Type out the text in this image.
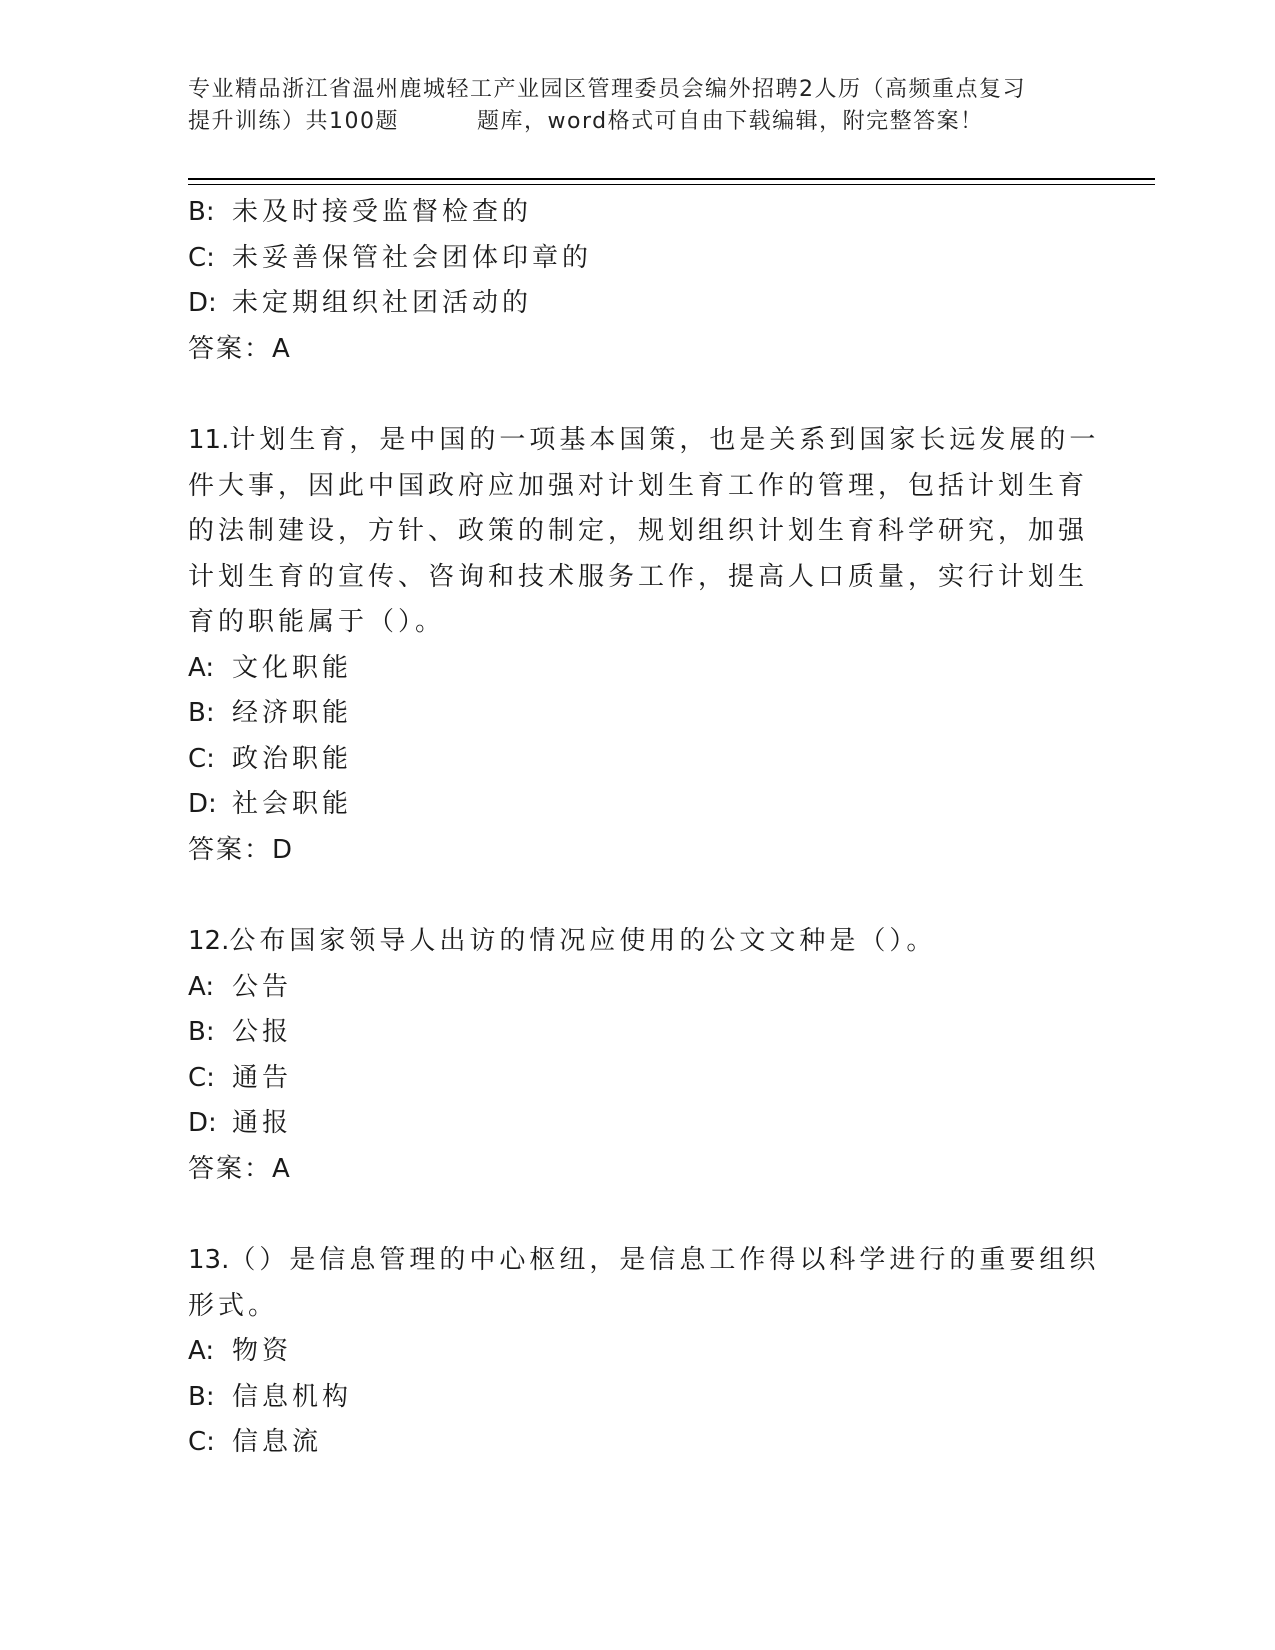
专业精品浙江省温州鹿城轻工产业园区管理委员会编外招聘2人历（高频重点复习
提升训练）共100题	题库，word格式可自由下载编辑，附完整答案！
B: 未及时接受监督检查的
C: 未妥善保管社会团体印章的
D: 未定期组织社团活动的
答案：A
11.计划生育，是中国的一项基本国策，也是关系到国家长远发展的一
件大事，因此中国政府应加强对计划生育工作的管理，包括计划生育
的法制建设，方针、政策的制定，规划组织计划生育科学研究，加强
计划生育的宣传、咨询和技术服务工作，提高人口质量，实行计划生
育的职能属于（）。
A: 文化职能
B: 经济职能
C: 政治职能
D: 社会职能
答案：D
12.公布国家领导人出访的情况应使用的公文文种是（）。
A: 公告
B: 公报
C: 通告
D: 通报
答案：A
13.（）是信息管理的中心枢纽，是信息工作得以科学进行的重要组织
形式。
A: 物资
B: 信息机构
C: 信息流
